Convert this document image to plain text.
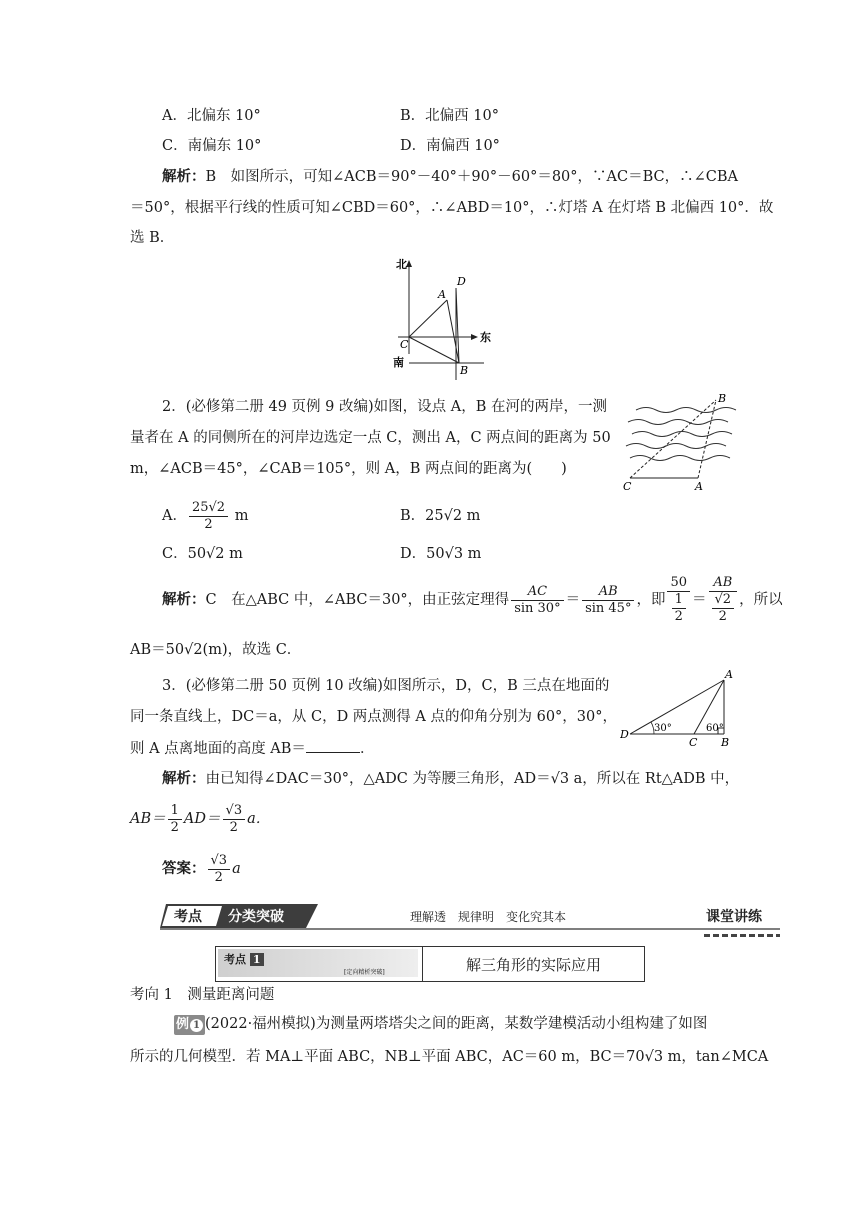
A．北偏东 10°	B．北偏西 10°
C．南偏东 10°	D．南偏西 10°
解析：B　如图所示，可知∠ACB＝90°－40°＋90°－60°＝80°，∵AC＝BC，∴∠CBA
＝50°，根据平行线的性质可知∠CBD＝60°，∴∠ABD＝10°，∴灯塔 A 在灯塔 B 北偏西 10°．故
选 B．
北
东
南
A
D
C
B
2．(必修第二册 49 页例 9 改编)如图，设点 A，B 在河的两岸，一测
量者在 A 的同侧所在的河岸边选定一点 C，测出 A，C 两点间的距离为 50
m，∠ACB＝45°，∠CAB＝105°，则 A，B 两点间的距离为(　　)
B
C	A
A． $\frac{25√2}{2}$ m	B．25√2 m
C．50√2 m	D．50√3 m
解析：C　在△ABC 中，∠ABC＝30°，由正弦定理得 $\frac{AC}{\sin 30^\circ} = \frac{AB}{\sin 45^\circ}$ ，即 $\frac{50}{\frac{1}{2}} = \frac{AB}{\frac{√2}{2}}$ ，所以
AB＝50√2(m)，故选 C．
3．(必修第二册 50 页例 10 改编)如图所示，D，C，B 三点在地面的
同一条直线上，DC＝a，从 C，D 两点测得 A 点的仰角分别为 60°，30°，
则 A 点离地面的高度 AB＝	．
30°	60°
A
D
C B
解析：由已知得∠DAC＝30°，△ADC 为等腰三角形，AD＝√3 a，所以在 Rt△ADB 中，
$AB= \frac{1}{2} AD= \frac{√3}{2}$ a．
答案： $\frac{√3}{2}$ a
考点 分类突破	理解透　规律明　变化究其本	课堂讲练
考点 1
[定向精析突破]	解三角形的实际应用
考向 1　测量距离问题
例 1 (2022·福州模拟)为测量两塔塔尖之间的距离，某数学建模活动小组构建了如图
所示的几何模型．若 MA⊥平面 ABC，NB⊥平面 ABC，AC＝60 m，BC＝70√3 m，tan∠MCA
